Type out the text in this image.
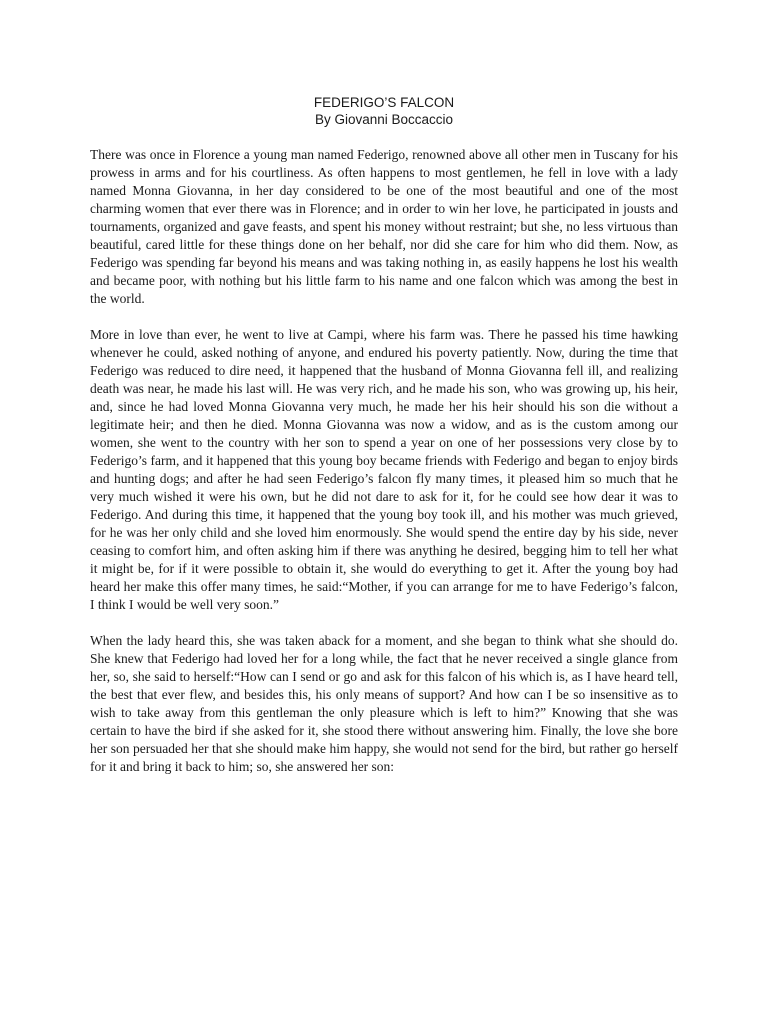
FEDERIGO’S FALCON
By Giovanni Boccaccio

There was once in Florence a young man named Federigo, renowned above all other men in Tuscany for his prowess in arms and for his courtliness. As often happens to most gentlemen, he fell in love with a lady named Monna Giovanna, in her day considered to be one of the most beautiful and one of the most charming women that ever there was in Florence; and in order to win her love, he participated in jousts and tournaments, organized and gave feasts, and spent his money without restraint; but she, no less virtuous than beautiful, cared little for these things done on her behalf, nor did she care for him who did them. Now, as Federigo was spending far beyond his means and was taking nothing in, as easily happens he lost his wealth and became poor, with nothing but his little farm to his name and one falcon which was among the best in the world.

More in love than ever, he went to live at Campi, where his farm was. There he passed his time hawking whenever he could, asked nothing of anyone, and endured his poverty patiently. Now, during the time that Federigo was reduced to dire need, it happened that the husband of Monna Giovanna fell ill, and realizing death was near, he made his last will. He was very rich, and he made his son, who was growing up, his heir, and, since he had loved Monna Giovanna very much, he made her his heir should his son die without a legitimate heir; and then he died. Monna Giovanna was now a widow, and as is the custom among our women, she went to the country with her son to spend a year on one of her possessions very close by to Federigo’s farm, and it happened that this young boy became friends with Federigo and began to enjoy birds and hunting dogs; and after he had seen Federigo’s falcon fly many times, it pleased him so much that he very much wished it were his own, but he did not dare to ask for it, for he could see how dear it was to Federigo. And during this time, it happened that the young boy took ill, and his mother was much grieved, for he was her only child and she loved him enormously. She would spend the entire day by his side, never ceasing to comfort him, and often asking him if there was anything he desired, begging him to tell her what it might be, for if it were possible to obtain it, she would do everything to get it. After the young boy had heard her make this offer many times, he said:“Mother, if you can arrange for me to have Federigo’s falcon, I think I would be well very soon.”

When the lady heard this, she was taken aback for a moment, and she began to think what she should do. She knew that Federigo had loved her for a long while, the fact that he never received a single glance from her, so, she said to herself:“How can I send or go and ask for this falcon of his which is, as I have heard tell, the best that ever flew, and besides this, his only means of support? And how can I be so insensitive as to wish to take away from this gentleman the only pleasure which is left to him?” Knowing that she was certain to have the bird if she asked for it, she stood there without answering him. Finally, the love she bore her son persuaded her that she should make him happy, she would not send for the bird, but rather go herself for it and bring it back to him; so, she answered her son:
